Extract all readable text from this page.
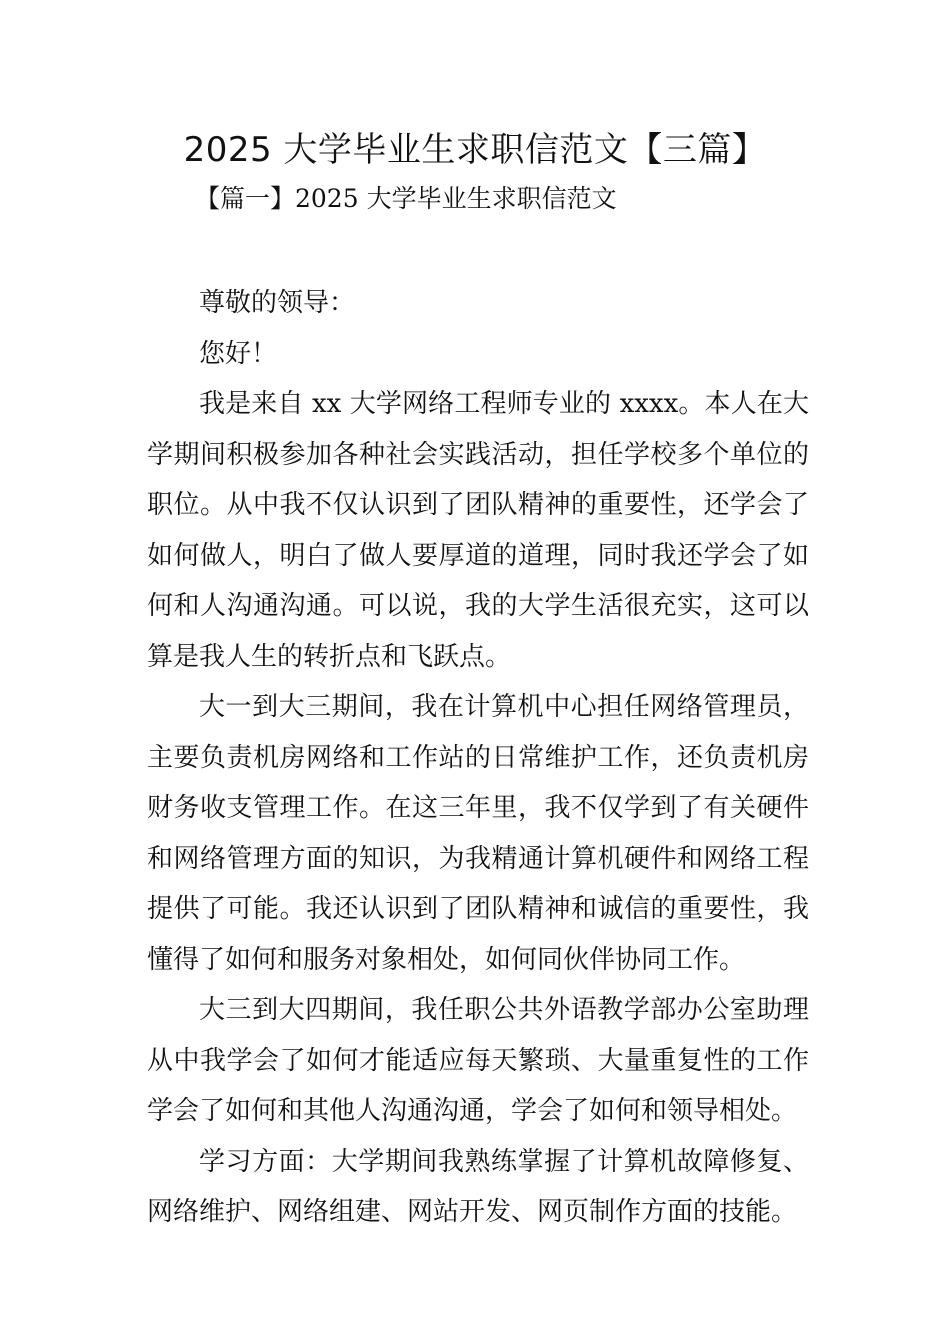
2025 大学毕业生求职信范文【三篇】
【篇一】2025 大学毕业生求职信范文

尊敬的领导：

您好！

我是来自 xx 大学网络工程师专业的 xxxx。本人在大学期间积极参加各种社会实践活动，担任学校多个单位的职位。从中我不仅认识到了团队精神的重要性，还学会了如何做人，明白了做人要厚道的道理，同时我还学会了如何和人沟通沟通。可以说，我的大学生活很充实，这可以算是我人生的转折点和飞跃点。

大一到大三期间，我在计算机中心担任网络管理员，主要负责机房网络和工作站的日常维护工作，还负责机房财务收支管理工作。在这三年里，我不仅学到了有关硬件和网络管理方面的知识，为我精通计算机硬件和网络工程提供了可能。我还认识到了团队精神和诚信的重要性，我懂得了如何和服务对象相处，如何同伙伴协同工作。

大三到大四期间，我任职公共外语教学部办公室助理从中我学会了如何才能适应每天繁琐、大量重复性的工作学会了如何和其他人沟通沟通，学会了如何和领导相处。

学习方面：大学期间我熟练掌握了计算机故障修复、网络维护、网络组建、网站开发、网页制作方面的技能。
